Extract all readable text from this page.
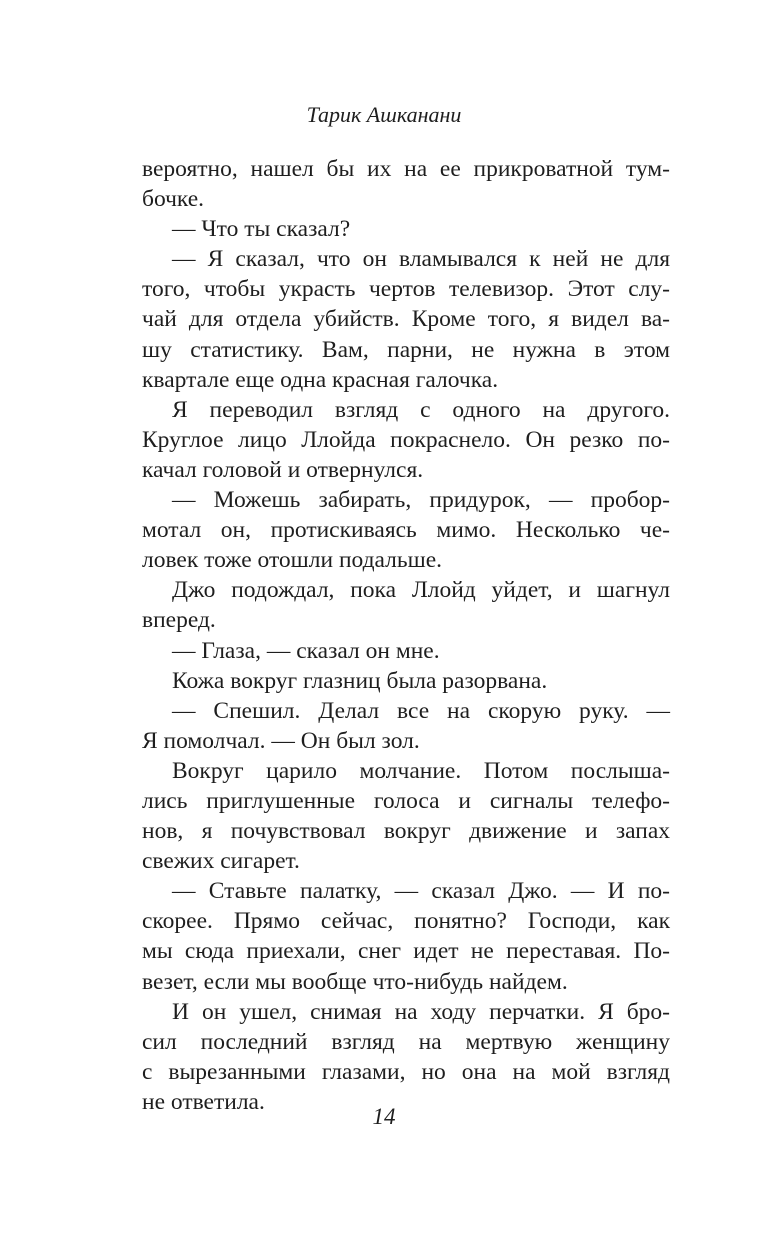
Тарик Ашканани
вероятно, нашел бы их на ее прикроватной тум-
бочке.
— Что ты сказал?
— Я сказал, что он вламывался к ней не для
того, чтобы украсть чертов телевизор. Этот слу-
чай для отдела убийств. Кроме того, я видел ва-
шу статистику. Вам, парни, не нужна в этом
квартале еще одна красная галочка.
Я переводил взгляд с одного на другого.
Круглое лицо Ллойда покраснело. Он резко по-
качал головой и отвернулся.
— Можешь забирать, придурок, — пробор-
мотал он, протискиваясь мимо. Несколько че-
ловек тоже отошли подальше.
Джо подождал, пока Ллойд уйдет, и шагнул
вперед.
— Глаза, — сказал он мне.
Кожа вокруг глазниц была разорвана.
— Спешил. Делал все на скорую руку. —
Я помолчал. — Он был зол.
Вокруг царило молчание. Потом послыша-
лись приглушенные голоса и сигналы телефо-
нов, я почувствовал вокруг движение и запах
свежих сигарет.
— Ставьте палатку, — сказал Джо. — И по-
скорее. Прямо сейчас, понятно? Господи, как
мы сюда приехали, снег идет не переставая. По-
везет, если мы вообще что-нибудь найдем.
И он ушел, снимая на ходу перчатки. Я бро-
сил последний взгляд на мертвую женщину
с вырезанными глазами, но она на мой взгляд
не ответила.
14
